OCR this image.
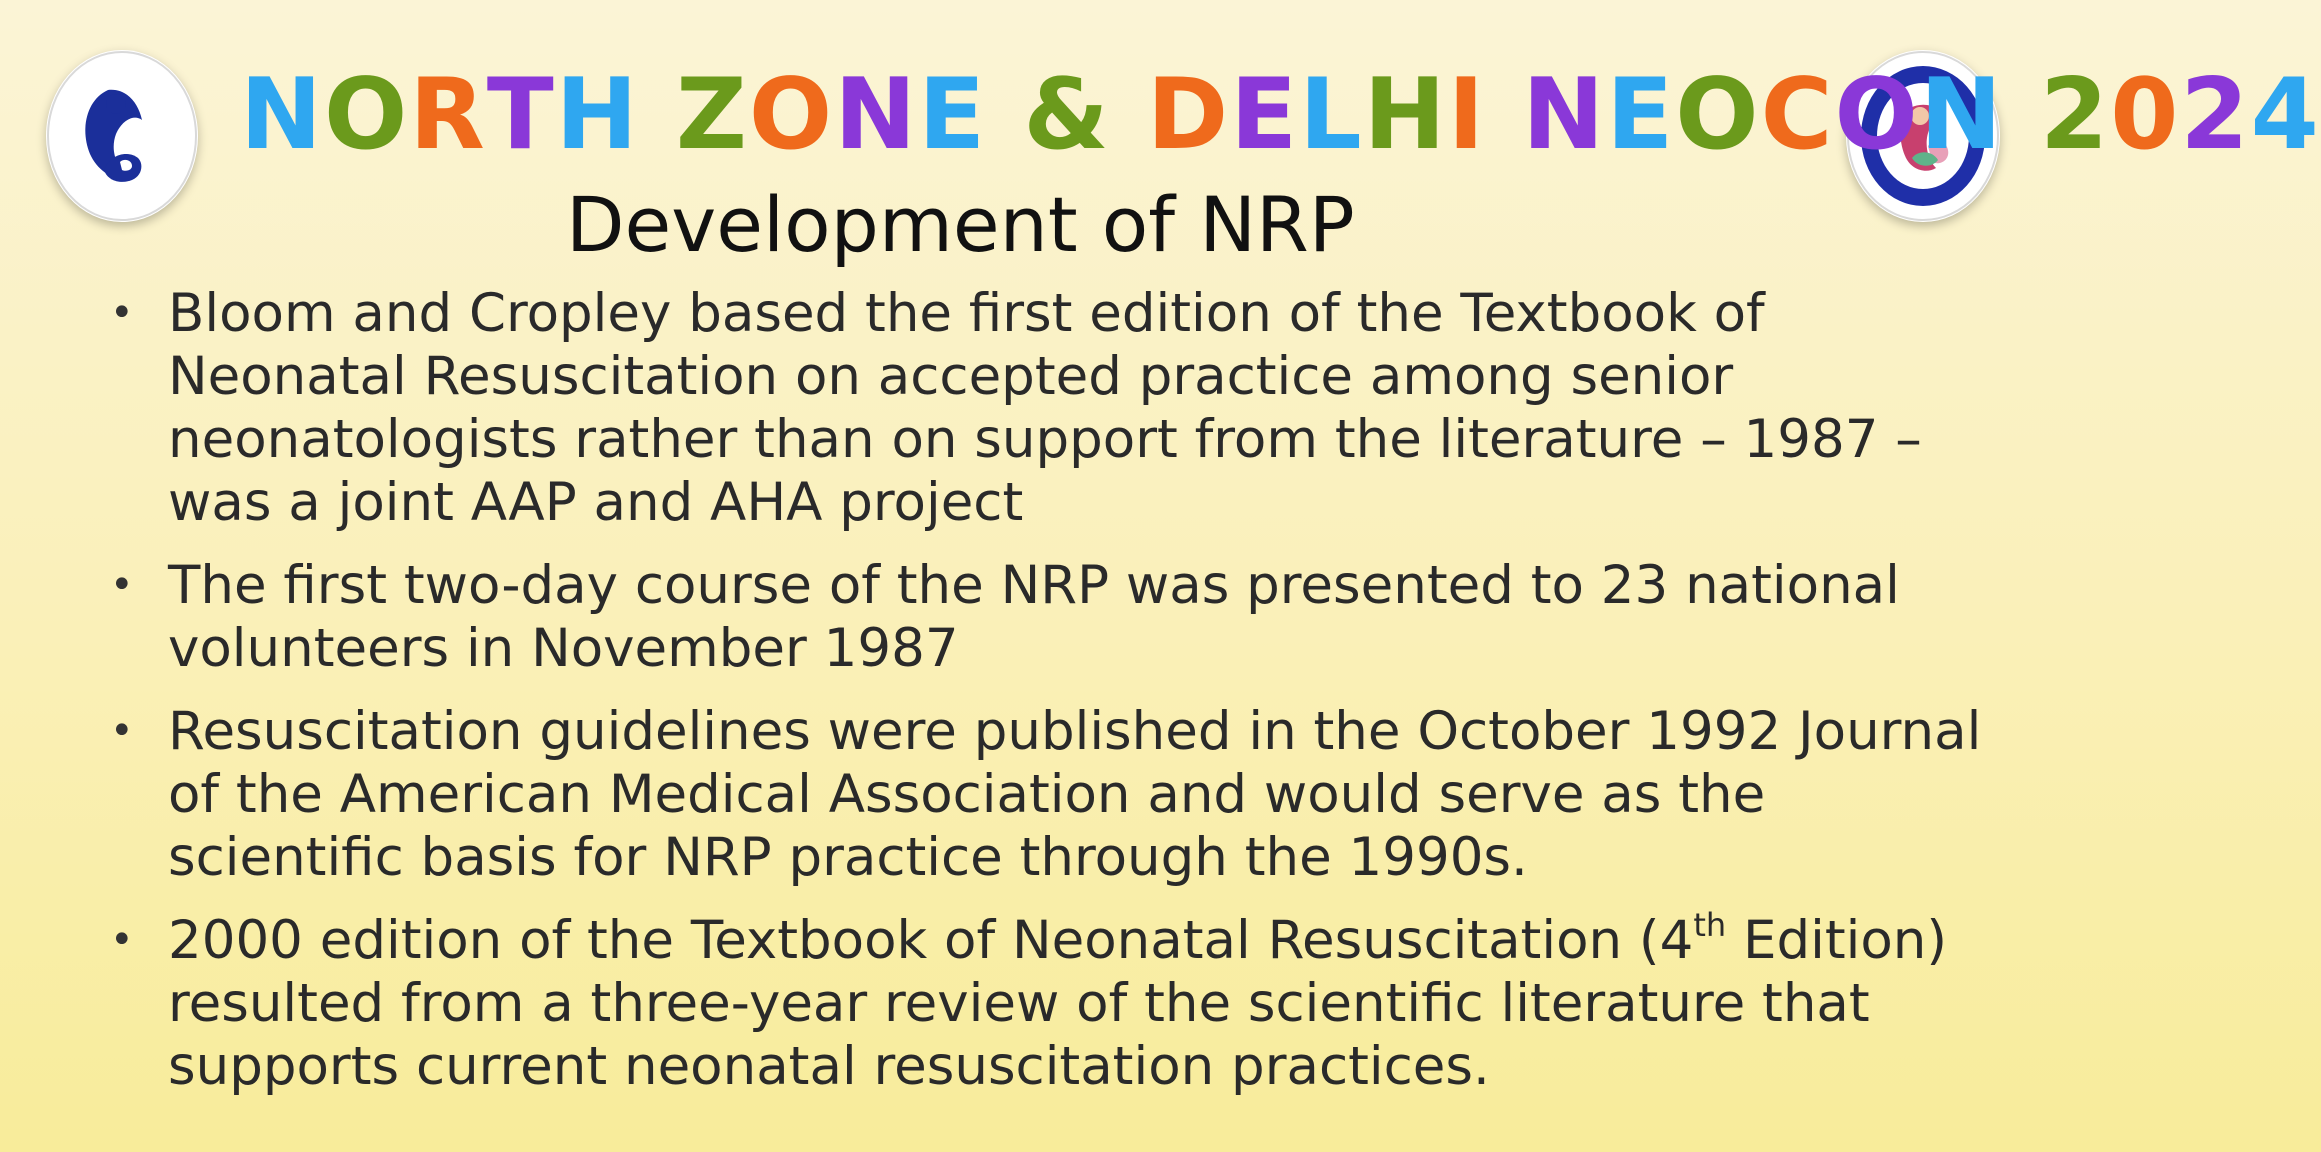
N O R T H
Z O N E
&
D E L H I
N E O C O N
2 0 2 4
Development of NRP
• Bloom and Cropley based the first edition of the Textbook of Neonatal Resuscitation on accepted practice among senior neonatologists rather than on support from the literature – 1987 – was a joint AAP and AHA project
• The first two-day course of the NRP was presented to 23 national volunteers in November 1987
• Resuscitation guidelines were published in the October 1992 Journal of the American Medical Association and would serve as the scientific basis for NRP practice through the 1990s.
• 2000 edition of the Textbook of Neonatal Resuscitation (4th Edition) resulted from a three-year review of the scientific literature that supports current neonatal resuscitation practices.
